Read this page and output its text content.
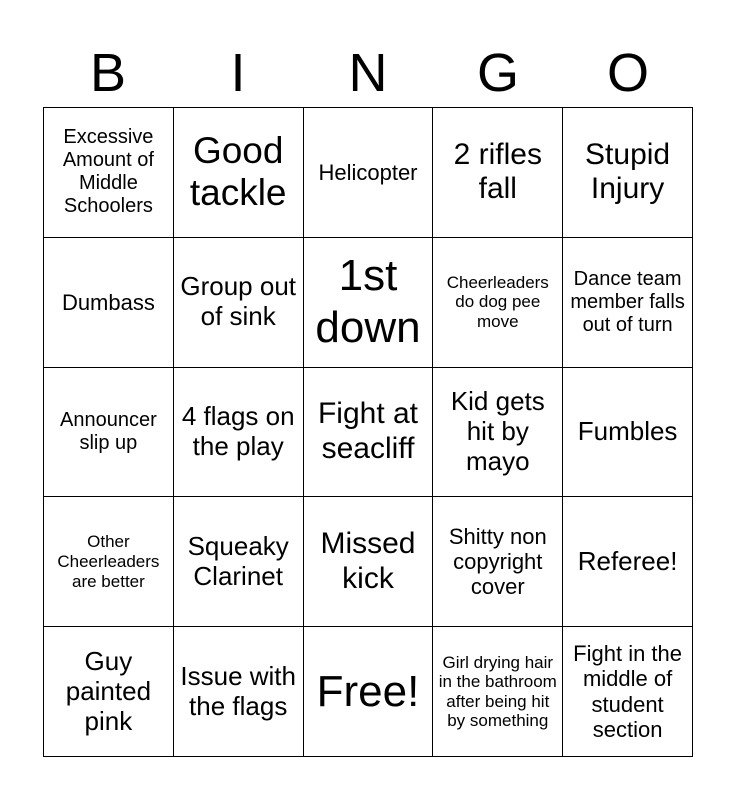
B	I	N	G	O
Excessive Amount of Middle Schoolers
Good tackle
Helicopter
2 rifles fall
Stupid Injury
Dumbass
Group out of sink
1st down
Cheerleaders do dog pee move
Dance team member falls out of turn
Announcer slip up
4 flags on the play
Fight at seacliff
Kid gets hit by mayo
Fumbles
Other Cheerleaders are better
Squeaky Clarinet
Missed kick
Shitty non copyright cover
Referee!
Guy painted pink
Issue with the flags Free!
Girl drying hair in the bathroom after being hit by something
Fight in the middle of student section
